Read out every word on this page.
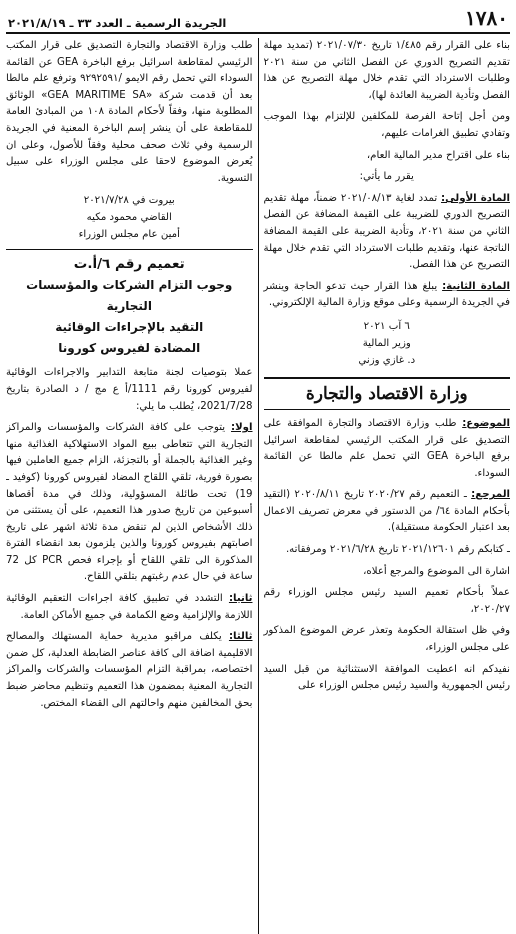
١٧٨٠
الجريدة الرسمية ـ العدد ٣٣ ـ ٢٠٢١/٨/١٩

بناء على القرار رقم ١/٤٨٥ تاريخ ٢٠٢١/٠٧/٣٠ (تمديد مهلة تقديم التصريح الدوري عن الفصل الثاني من سنة ٢٠٢١ وطلبات الاسترداد التي تقدم خلال مهلة التصريح عن هذا الفصل وتأدية الضريبة العائدة لها)،

ومن أجل إتاحة الفرصة للمكلفين للإلتزام بهذا الموجب وتفادي تطبيق الغرامات عليهم،

بناء على اقتراح مدير المالية العام،

يقرر ما يأتي:

المادة الأولى: تمدد لغاية ٢٠٢١/٠٨/١٣ ضمناً، مهلة تقديم التصريح الدوري للضريبة على القيمة المضافة عن الفصل الثاني من سنة ٢٠٢١، وتأدية الضريبة على القيمة المضافة الناتجة عنها، وتقديم طلبات الاسترداد التي تقدم خلال مهلة التصريح عن هذا الفصل.

المادة الثانية: يبلغ هذا القرار حيث تدعو الحاجة وينشر في الجريدة الرسمية وعلى موقع وزارة المالية الإلكتروني.

٦ آب ٢٠٢١
وزير المالية
د. غازي وزني
وزارة الاقتصاد والتجارة

الموضوع: طلب وزارة الاقتصاد والتجارة الموافقة على التصديق على قرار المكتب الرئيسي لمقاطعة اسرائيل برفع الباخرة GEA التي تحمل علم مالطا عن القائمة السوداء.

المرجع: ـ التعميم رقم ٢٠٢٠/٢٧ تاريخ ٢٠٢٠/٨/١١ (التقيد بأحكام المادة ٦٤/ من الدستور في معرض تصريف الاعمال بعد اعتبار الحكومة مستقيلة).

ـ كتابكم رقم ٢٠٢١/١٢٦٠١ تاريخ ٢٠٢١/٦/٢٨ ومرفقاته.

اشارة الى الموضوع والمرجع أعلاه،

عملاً بأحكام تعميم السيد رئيس مجلس الوزراء رقم ٢٠٢٠/٢٧،

وفي ظل استقالة الحكومة وتعذر عرض الموضوع المذكور على مجلس الوزراء،

نفيدكم انه اعطيت الموافقة الاستثنائية من قبل السيد رئيس الجمهورية والسيد رئيس مجلس الوزراء على

طلب وزارة الاقتصاد والتجارة التصديق على قرار المكتب الرئيسي لمقاطعة اسرائيل برفع الباخرة GEA عن القائمة السوداء التي تحمل رقم الايمو /٩٢٩٢٥٩١ وترفع علم مالطا بعد أن قدمت شركة «GEA MARITIME SA» الوثائق المطلوبة منها، وفقاً لأحكام المادة ١٠٨ من المبادئ العامة للمقاطعة على أن ينشر إسم الباخرة المعنية في الجريدة الرسمية وفي ثلاث صحف محلية وفقاً للأصول، وعلى ان يُعرض الموضوع لاحقا على مجلس الوزراء على سبيل التسوية.

بيروت في ٢٠٢١/٧/٢٨
القاضي محمود مكيه
أمين عام مجلس الوزراء
تعميم رقم ٦/أ.ت
وجوب التزام الشركات والمؤسسات التجارية
التقيد بالإجراءات الوقائية
المضادة لفيروس كورونا

عملا بتوصيات لجنة متابعة التدابير والاجراءات الوقائية لفيروس كورونا رقم 1111/أ ع مج / د الصادرة بتاريخ 2021/7/28، يُطلب ما يلي:

اولا: يتوجب على كافة الشركات والمؤسسات والمراكز التجارية التي تتعاطى ببيع المواد الاستهلاكية الغذائية منها وغير الغذائية بالجملة أو بالتجزئة، الزام جميع العاملين فيها بصورة فورية، تلقي اللقاح المضاد لفيروس كورونا (كوفيد ـ 19) تحت طائلة المسؤولية، وذلك في مدة أقصاها أسبوعين من تاريخ صدور هذا التعميم، على أن يستثنى من ذلك الأشخاص الذين لم تنقض مدة ثلاثة اشهر على تاريخ اصابتهم بفيروس كورونا والذين يلزمون بعد انقضاء الفترة المذكورة الى تلقي اللقاح أو بإجراء فحص PCR كل 72 ساعة في حال عدم رغبتهم بتلقي اللقاح.

ثانيا: التشدد في تطبيق كافة اجراءات التعقيم الوقائية اللازمة والإلزامية وضع الكمامة في جميع الأماكن العامة.

ثالثا: يكلف مراقبو مديرية حماية المستهلك والمصالح الاقليمية اضافة الى كافة عناصر الضابطة العدلية، كل ضمن اختصاصه، بمراقبة التزام المؤسسات والشركات والمراكز التجارية المعنية بمضمون هذا التعميم وتنظيم محاضر ضبط بحق المخالفين منهم واحالتهم الى القضاء المختص.
